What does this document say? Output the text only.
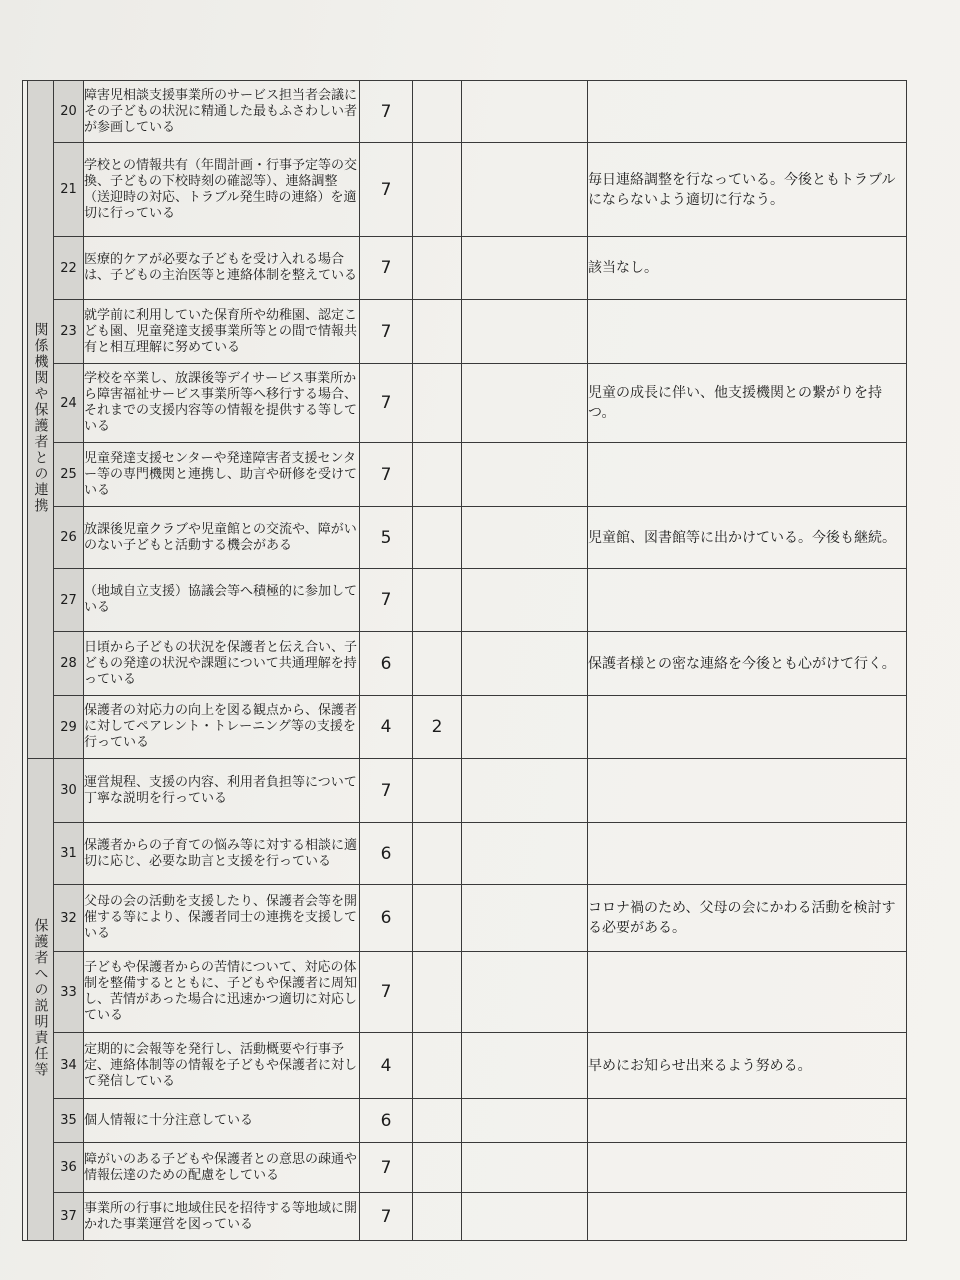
	関係機関や保護者との連携	20	障害児相談支援事業所のサービス担当者会議にその子どもの状況に精通した最もふさわしい者が参画している	7			
		21	学校との情報共有（年間計画・行事予定等の交換、子どもの下校時刻の確認等）、連絡調整（送迎時の対応、トラブル発生時の連絡）を適切に行っている	7			毎日連絡調整を行なっている。今後ともトラブルにならないよう適切に行なう。
		22	医療的ケアが必要な子どもを受け入れる場合は、子どもの主治医等と連絡体制を整えている	7			該当なし。
		23	就学前に利用していた保育所や幼稚園、認定こども園、児童発達支援事業所等との間で情報共有と相互理解に努めている	7			
		24	学校を卒業し、放課後等デイサービス事業所から障害福祉サービス事業所等へ移行する場合、それまでの支援内容等の情報を提供する等している	7			児童の成長に伴い、他支援機関との繋がりを持つ。
		25	児童発達支援センターや発達障害者支援センター等の専門機関と連携し、助言や研修を受けている	7			
		26	放課後児童クラブや児童館との交流や、障がいのない子どもと活動する機会がある	5			児童館、図書館等に出かけている。今後も継続。
		27	（地域自立支援）協議会等へ積極的に参加している	7			
		28	日頃から子どもの状況を保護者と伝え合い、子どもの発達の状況や課題について共通理解を持っている	6			保護者様との密な連絡を今後とも心がけて行く。
		29	保護者の対応力の向上を図る観点から、保護者に対してペアレント・トレーニング等の支援を行っている	4	2		
	保護者への説明責任等	30	運営規程、支援の内容、利用者負担等について丁寧な説明を行っている	7			
		31	保護者からの子育ての悩み等に対する相談に適切に応じ、必要な助言と支援を行っている	6			
		32	父母の会の活動を支援したり、保護者会等を開催する等により、保護者同士の連携を支援している	6			コロナ禍のため、父母の会にかわる活動を検討する必要がある。
		33	子どもや保護者からの苦情について、対応の体制を整備するとともに、子どもや保護者に周知し、苦情があった場合に迅速かつ適切に対応している	7			
		34	定期的に会報等を発行し、活動概要や行事予定、連絡体制等の情報を子どもや保護者に対して発信している	4			早めにお知らせ出来るよう努める。
		35	個人情報に十分注意している	6			
		36	障がいのある子どもや保護者との意思の疎通や情報伝達のための配慮をしている	7			
		37	事業所の行事に地域住民を招待する等地域に開かれた事業運営を図っている	7			
